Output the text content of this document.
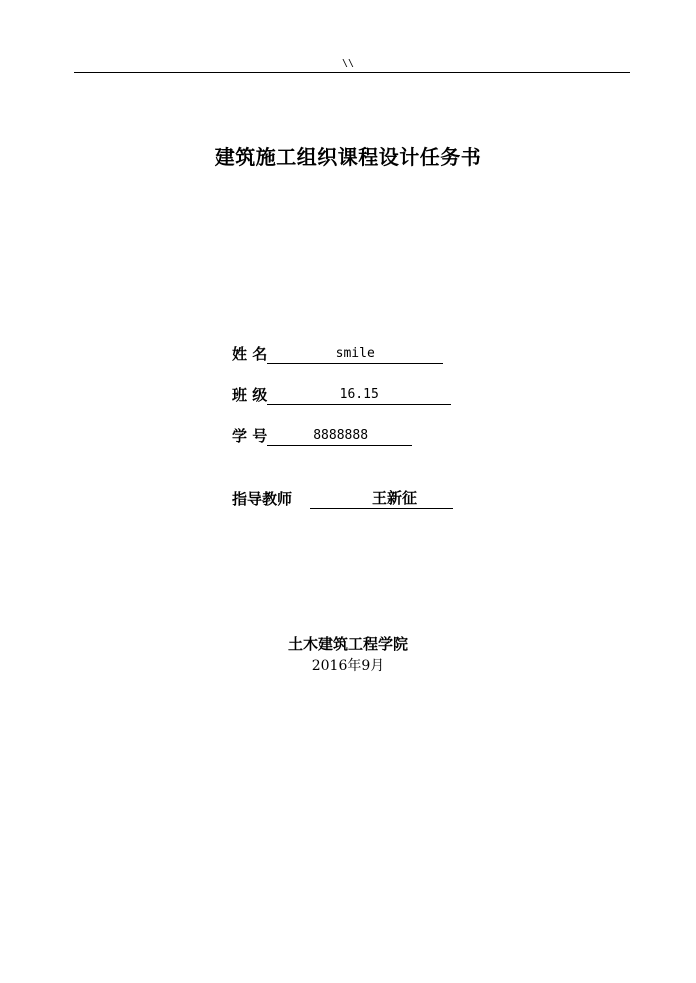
\\
建筑施工组织课程设计任务书
姓 名	smile
班 级	16.15
学 号	8888888
指导教师	王新征
土木建筑工程学院
2016年9月
